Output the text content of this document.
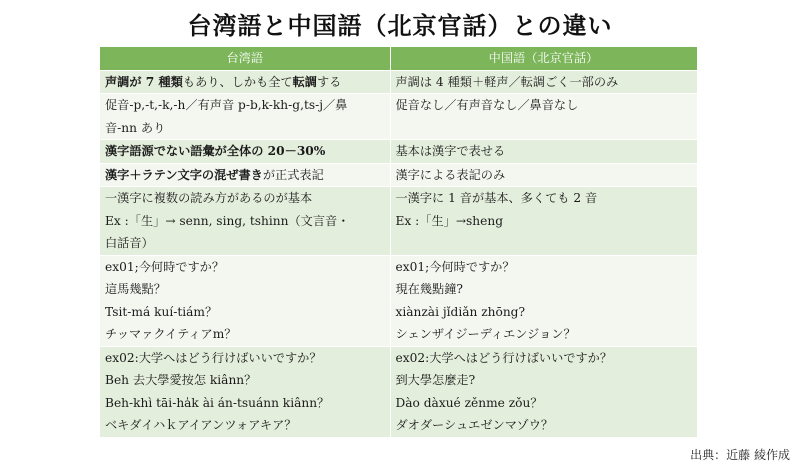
台湾語と中国語（北京官話）との違い
台湾語	中国語（北京官話）

声調が 7 種類もあり、しかも全て転調する	声調は 4 種類＋軽声／転調ごく一部のみ

促音-p,-t,-k,-h／有声音 p-b,k-kh-g,ts-j／鼻
音-nn あり	促音なし／有声音なし／鼻音なし

漢字語源でない語彙が全体の 20－30%	基本は漢字で表せる

漢字＋ラテン文字の混ぜ書きが正式表記	漢字による表記のみ

一漢字に複数の読み方があるのが基本
Ex :「生」→ senn, sing, tshinn（文言音・
白話音）	一漢字に 1 音が基本、多くても 2 音
Ex :「生」→sheng

ex01;今何時ですか？
這馬幾點？
Tsit-má kuí-tiám？
チッマァクイティアm？	ex01;今何時ですか？
現在幾點鐘?
xiànzài jǐdiǎn zhōng?
シェンザイジーディエンジョン？

ex02:大学へはどう行けばいいですか？
Beh 去大學愛按怎 kiânn？
Beh-khì tāi-ha̍k ài án-tsuánn kiânn？
ベキダイハｋアイアンツォアキア？	ex02:大学へはどう行けばいいですか？
到大學怎麼走?
Dào dàxué zěnme zǒu？
ダオダーシュエゼンマゾウ？
出典：近藤 綾作成
